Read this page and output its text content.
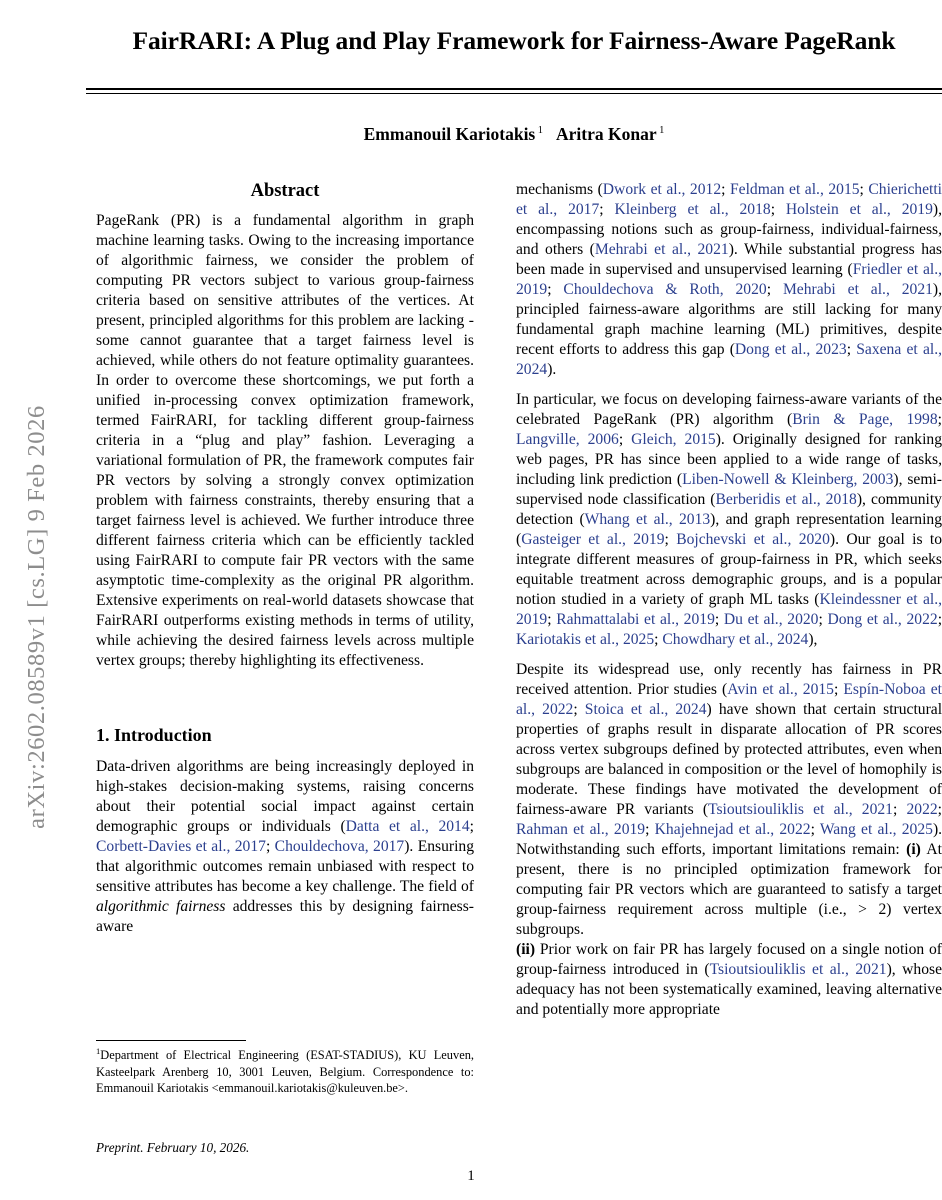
arXiv:2602.08589v1 [cs.LG] 9 Feb 2026
FairRARI: A Plug and Play Framework for Fairness-Aware PageRank
Emmanouil Kariotakis $^1$ Aritra Konar $^1$
Abstract

PageRank (PR) is a fundamental algorithm in graph machine learning tasks. Owing to the increasing importance of algorithmic fairness, we consider the problem of computing PR vectors subject to various group-fairness criteria based on sensitive attributes of the vertices. At present, principled algorithms for this problem are lacking - some cannot guarantee that a target fairness level is achieved, while others do not feature optimality guarantees. In order to overcome these shortcomings, we put forth a unified in-processing convex optimization framework, termed FairRARI, for tackling different group-fairness criteria in a “plug and play” fashion. Leveraging a variational formulation of PR, the framework computes fair PR vectors by solving a strongly convex optimization problem with fairness constraints, thereby ensuring that a target fairness level is achieved. We further introduce three different fairness criteria which can be efficiently tackled using FairRARI to compute fair PR vectors with the same asymptotic time-complexity as the original PR algorithm. Extensive experiments on real-world datasets showcase that FairRARI outperforms existing methods in terms of utility, while achieving the desired fairness levels across multiple vertex groups; thereby highlighting its effectiveness.

1. Introduction

Data-driven algorithms are being increasingly deployed in high-stakes decision-making systems, raising concerns about their potential social impact against certain demographic groups or individuals (Datta et al., 2014; Corbett-Davies et al., 2017; Chouldechova, 2017). Ensuring that algorithmic outcomes remain unbiased with respect to sensitive attributes has become a key challenge. The field of algorithmic fairness addresses this by designing fairness-aware

mechanisms (Dwork et al., 2012; Feldman et al., 2015; Chierichetti et al., 2017; Kleinberg et al., 2018; Holstein et al., 2019), encompassing notions such as group-fairness, individual-fairness, and others (Mehrabi et al., 2021). While substantial progress has been made in supervised and unsupervised learning (Friedler et al., 2019; Chouldechova & Roth, 2020; Mehrabi et al., 2021), principled fairness-aware algorithms are still lacking for many fundamental graph machine learning (ML) primitives, despite recent efforts to address this gap (Dong et al., 2023; Saxena et al., 2024).

In particular, we focus on developing fairness-aware variants of the celebrated PageRank (PR) algorithm (Brin & Page, 1998; Langville, 2006; Gleich, 2015). Originally designed for ranking web pages, PR has since been applied to a wide range of tasks, including link prediction (Liben-Nowell & Kleinberg, 2003), semi-supervised node classification (Berberidis et al., 2018), community detection (Whang et al., 2013), and graph representation learning (Gasteiger et al., 2019; Bojchevski et al., 2020). Our goal is to integrate different measures of group-fairness in PR, which seeks equitable treatment across demographic groups, and is a popular notion studied in a variety of graph ML tasks (Kleindessner et al., 2019; Rahmattalabi et al., 2019; Du et al., 2020; Dong et al., 2022; Kariotakis et al., 2025; Chowdhary et al., 2024),

Despite its widespread use, only recently has fairness in PR received attention. Prior studies (Avin et al., 2015; Espín-Noboa et al., 2022; Stoica et al., 2024) have shown that certain structural properties of graphs result in disparate allocation of PR scores across vertex subgroups defined by protected attributes, even when subgroups are balanced in composition or the level of homophily is moderate. These findings have motivated the development of fairness-aware PR variants (Tsioutsiouliklis et al., 2021; 2022; Rahman et al., 2019; Khajehnejad et al., 2022; Wang et al., 2025). Notwithstanding such efforts, important limitations remain: (i) At present, there is no principled optimization framework for computing fair PR vectors which are guaranteed to satisfy a target group-fairness requirement across multiple (i.e., > 2) vertex subgroups.

(ii) Prior work on fair PR has largely focused on a single notion of group-fairness introduced in (Tsioutsiouliklis et al., 2021), whose adequacy has not been systematically examined, leaving alternative and potentially more appropriate

$^1$Department of Electrical Engineering (ESAT-STADIUS), KU Leuven, Kasteelpark Arenberg 10, 3001 Leuven, Belgium. Correspondence to: Emmanouil Kariotakis <emmanouil.kariotakis@kuleuven.be>.
Preprint. February 10, 2026.
1
